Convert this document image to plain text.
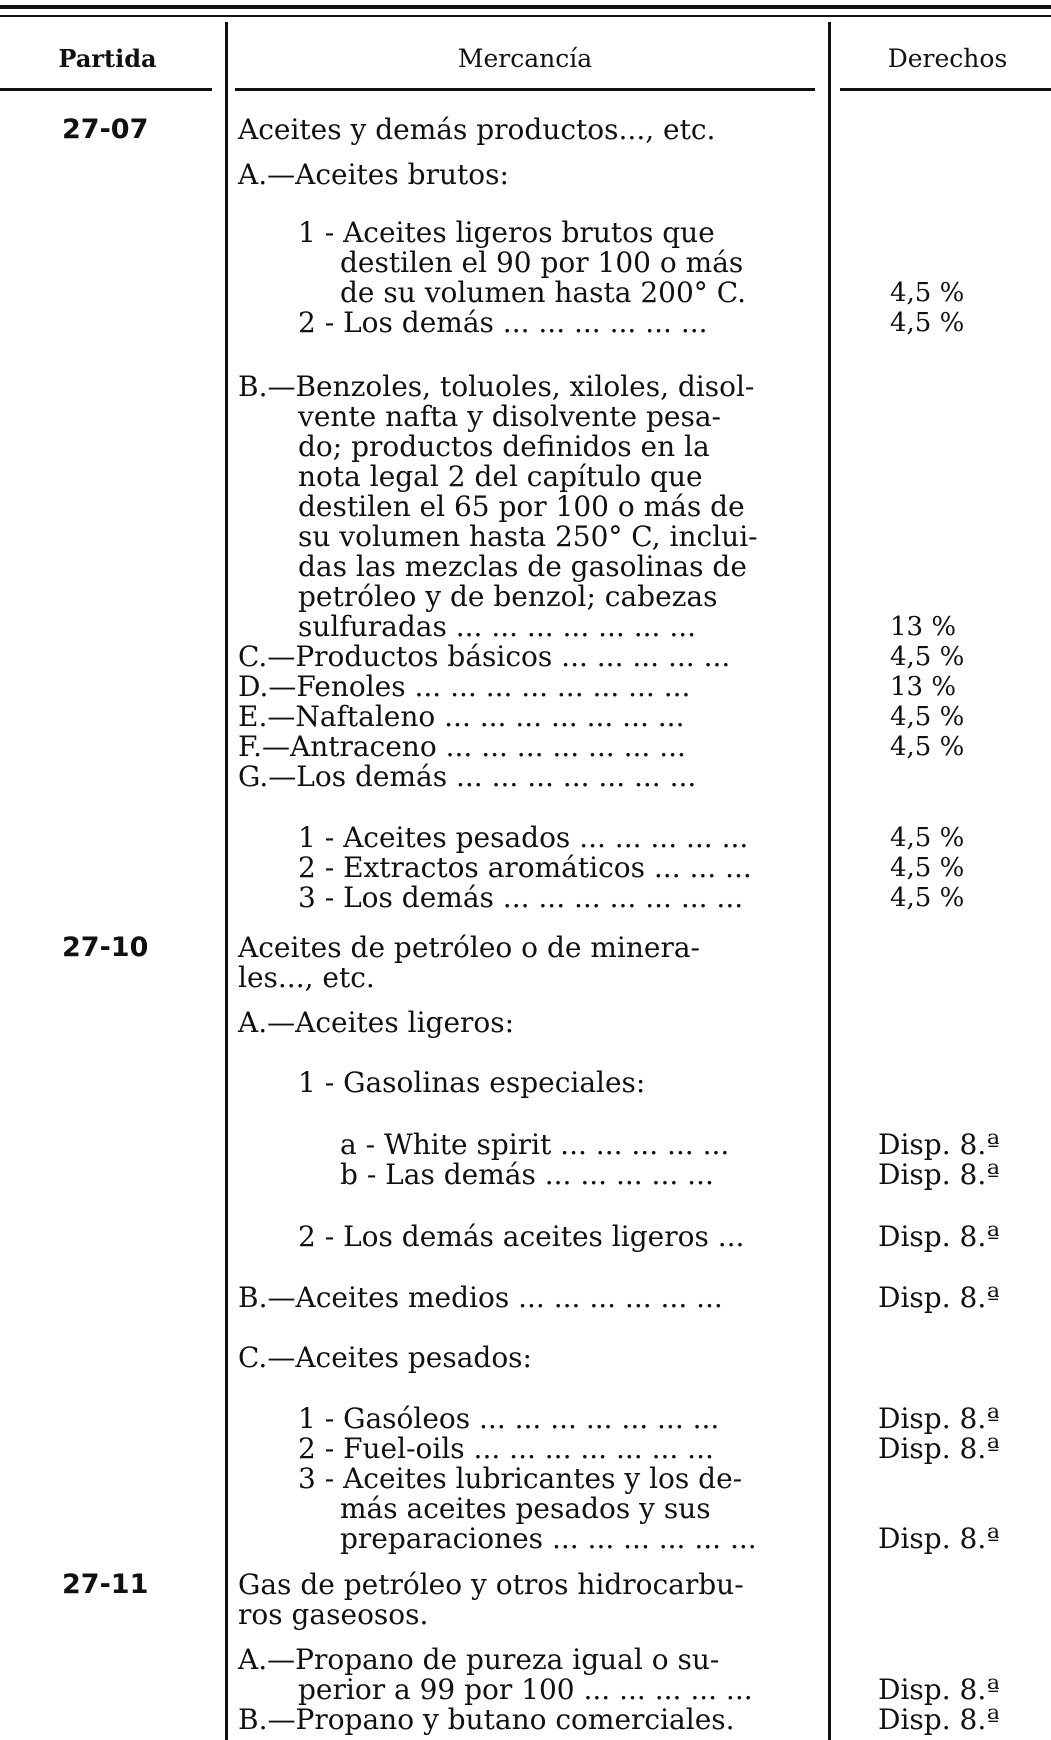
Partida	Mercancía	Derechos
27-07	Aceites y demás productos..., etc.
A.—Aceites brutos:
1 - Aceites ligeros brutos que
destilen el 90 por 100 o más
de su volumen hasta 200° C.	4,5 %
2 - Los demás ... ... ... ... ... ...	4,5 %
B.—Benzoles, toluoles, xiloles, disol-
vente nafta y disolvente pesa-
do; productos definidos en la
nota legal 2 del capítulo que
destilen el 65 por 100 o más de
su volumen hasta 250° C, inclui-
das las mezclas de gasolinas de
petróleo y de benzol; cabezas
sulfuradas ... ... ... ... ... ... ...	13 %
C.—Productos básicos ... ... ... ... ...	4,5 %
D.—Fenoles ... ... ... ... ... ... ... ...	13 %
E.—Naftaleno ... ... ... ... ... ... ...	4,5 %
F.—Antraceno ... ... ... ... ... ... ...	4,5 %
G.—Los demás ... ... ... ... ... ... ...
1 - Aceites pesados ... ... ... ... ...	4,5 %
2 - Extractos aromáticos ... ... ...	4,5 %
3 - Los demás ... ... ... ... ... ... ...	4,5 %
27-10	Aceites de petróleo o de minera-
les..., etc.
A.—Aceites ligeros:
1 - Gasolinas especiales:
a - White spirit ... ... ... ... ...	Disp. 8.ª
b - Las demás ... ... ... ... ...	Disp. 8.ª
2 - Los demás aceites ligeros ...	Disp. 8.ª
B.—Aceites medios ... ... ... ... ... ...	Disp. 8.ª
C.—Aceites pesados:
1 - Gasóleos ... ... ... ... ... ... ...	Disp. 8.ª
2 - Fuel-oils ... ... ... ... ... ... ...	Disp. 8.ª
3 - Aceites lubricantes y los de-
más aceites pesados y sus
preparaciones ... ... ... ... ... ...	Disp. 8.ª
27-11	Gas de petróleo y otros hidrocarbu-
ros gaseosos.
A.—Propano de pureza igual o su-
perior a 99 por 100 ... ... ... ... ...	Disp. 8.ª
B.—Propano y butano comerciales.	Disp. 8.ª
